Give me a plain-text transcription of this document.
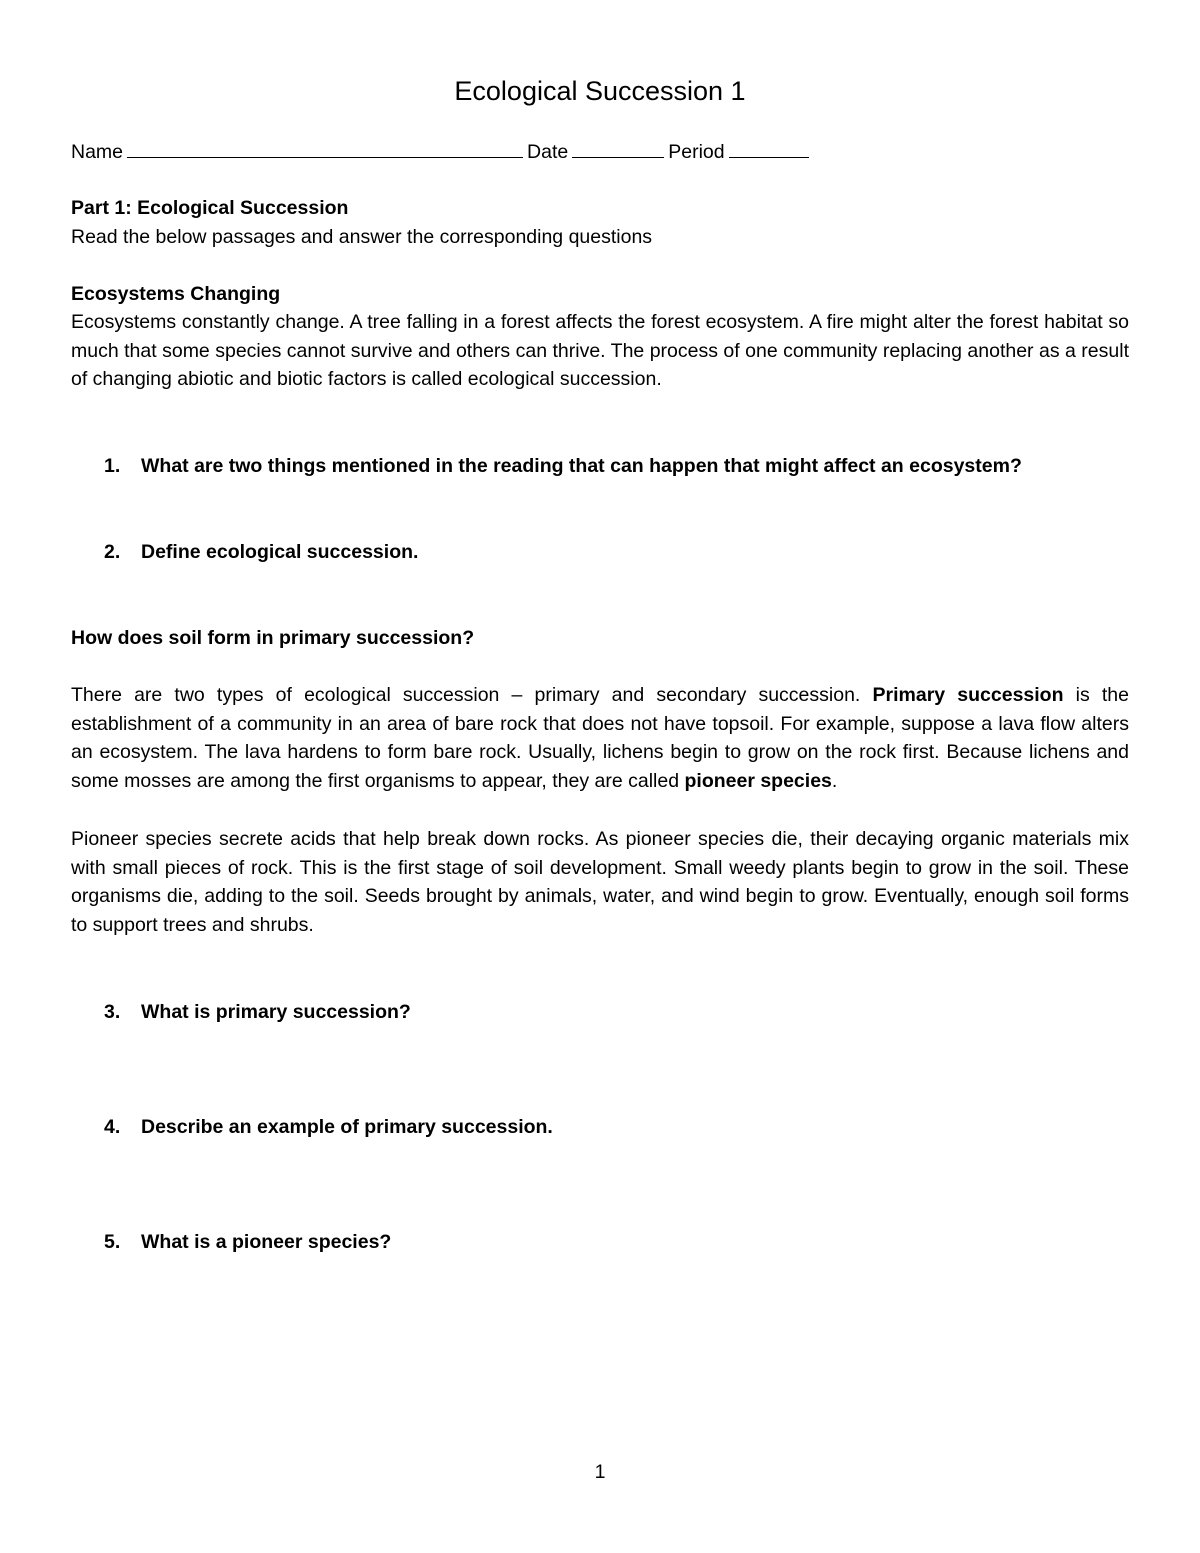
Ecological Succession 1
Name	Date	Period
Part 1: Ecological Succession
Read the below passages and answer the corresponding questions
Ecosystems Changing
Ecosystems constantly change. A tree falling in a forest affects the forest ecosystem. A fire might alter the forest habitat so much that some species cannot survive and others can thrive. The process of one community replacing another as a result of changing abiotic and biotic factors is called ecological succession.
1. What are two things mentioned in the reading that can happen that might affect an ecosystem?
2. Define ecological succession.
How does soil form in primary succession?
There are two types of ecological succession – primary and secondary succession. Primary succession is the establishment of a community in an area of bare rock that does not have topsoil. For example, suppose a lava flow alters an ecosystem. The lava hardens to form bare rock. Usually, lichens begin to grow on the rock first. Because lichens and some mosses are among the first organisms to appear, they are called pioneer species.
Pioneer species secrete acids that help break down rocks. As pioneer species die, their decaying organic materials mix with small pieces of rock. This is the first stage of soil development. Small weedy plants begin to grow in the soil. These organisms die, adding to the soil. Seeds brought by animals, water, and wind begin to grow. Eventually, enough soil forms to support trees and shrubs.
3. What is primary succession?
4. Describe an example of primary succession.
5. What is a pioneer species?
1
